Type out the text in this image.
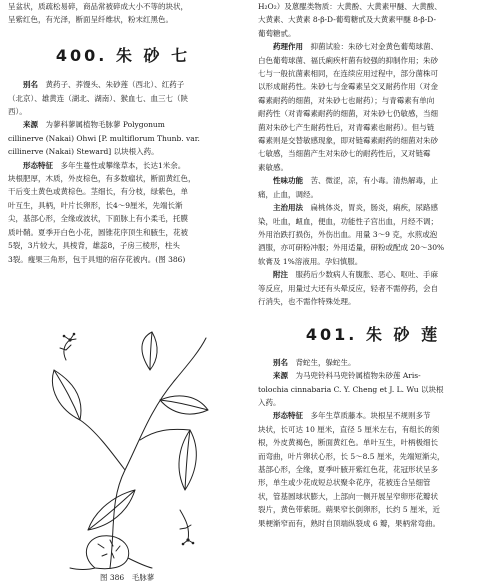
呈盆状，质疏松易碎，商品常被碎成大小不等的块状，

呈紫红色，有光泽，断面呈纤维状，粉末红黑色。

400. 朱 砂 七

别名　 黄药子、荞馒头、朱砂莲（西北）、红药子

（北京）、雄黄连（湖北、湖南）、猴血七、血三七（陕

西）。

来源　 为蓼科蓼属植物毛脉蓼 Polygonum

cillinerve (Nakai) Ohwi [P. multiflorum Thunb. var.

cillinerve (Nakai) Steward] 以块根入药。

形态特征　 多年生蔓性或攀缘草本，长达1米余。

块根肥厚，木质，外皮棕色，有多数瘤状，断面黄红色，

干后变土黄色或黄棕色。茎细长，有分枝，绿紫色，单

叶互生，具柄，叶片长卵形，长4～9厘米，先端长渐

尖，基部心形，全缘或波状，下面脉上有小柔毛，托膜

质叶鞘。夏季开白色小花，圆锥花序顶生和腋生，花被

5裂，3片较大，具棱背，雄蕊8，子房三棱形，柱头

3裂。瘦果三角形，包于具翅的宿存花被内。(图 386)

图 386　毛脉蓼

H₂O₂）及蒽醌类物质：大黄酚、大黄素甲醚、大黄酸、

大黄素、大黄素 8-β-D-葡萄糖甙及大黄素甲醚 8-β-D-

葡萄糖甙。

药理作用　 抑菌试验：朱砂七对金黄色葡萄球菌、

白色葡萄球菌、福氏痢疾杆菌有较强的抑制作用；朱砂

七与一般抗菌素相同，在连续应用过程中，部分菌株可

以形成耐药性。朱砂七与金霉素呈交叉耐药作用（对金

霉素耐药的细菌，对朱砂七也耐药）；与青霉素有单向

耐药性（对青霉素耐药的细菌，对朱砂七仍敏感，当细

菌对朱砂七产生耐药性后，对青霉素也耐药）。但与链

霉素则是交替敏感现象，即对链霉素耐药的细菌对朱砂

七敏感，当细菌产生对朱砂七的耐药性后，又对链霉

素敏感。

性味功能　 苦、微涩，凉，有小毒。清热解毒，止

痛，止血，调经。

主治用法　 扁桃体炎，胃炎，肠炎，痢疾，尿路感

染，吐血，衄血，便血，功能性子宫出血，月经不调；

外用治跌打损伤，外伤出血。用量 3～9 克，水煎或泡

酒服，亦可研粉冲服；外用适量，研粉或配成 20～30%

软膏及 1%溶液用。孕妇慎服。

附注　 服药后少数病人有腹胀、恶心、呕吐、手麻

等反应，用量过大还有头晕反应，轻者不需停药，会自

行消失，也不需作特殊处理。

401. 朱 砂 莲

别名　 背蛇生，躲蛇生。

来源　 为马兜铃科马兜铃属植物朱砂莲 Aris-

tolochia cinnabaria C. Y. Cheng et J. L. Wu 以块根

入药。

形态特征　 多年生草质藤本。块根呈不规则多节

块状，长可达 10 厘米，直径 5 厘米左右，有组长的须

根，外皮黄褐色，断面黄红色。单叶互生，叶柄极细长

而弯曲，叶片卵状心形，长 5～8.5 厘米，先端短渐尖，

基部心形，全缘，夏季叶腋开紫红色花，花冠形状呈多

形，单生或少花成短总状聚伞花序，花被连合呈细管

状，管基圆球状膨大，上部向一侧开展呈窄卵形花瓣状

裂片，黄色带紫斑。蒴果窄长倒卵形，长约 5 厘米，近

果梗渐窄而有，熟时自顶端纵裂成 6 瓣，果柄常弯曲。
